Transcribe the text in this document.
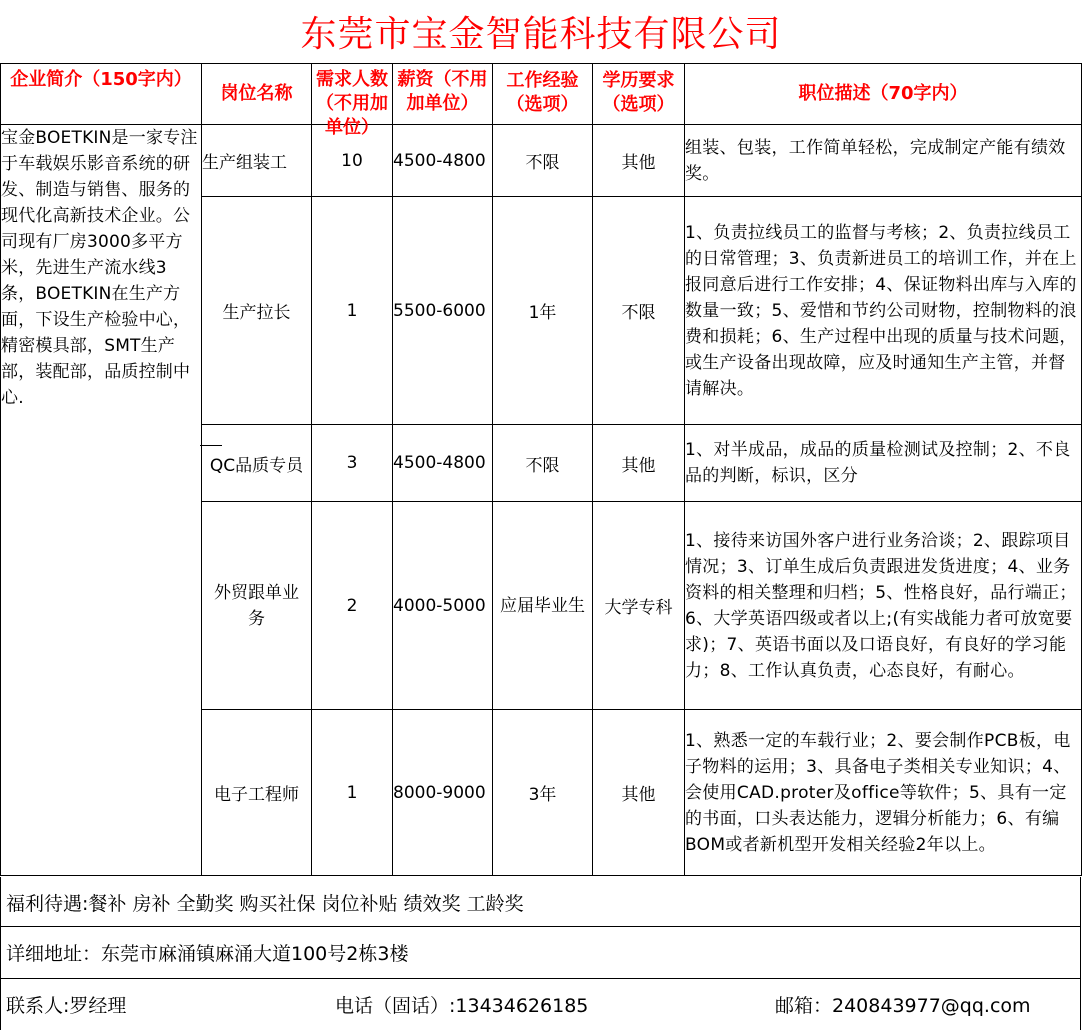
东莞市宝金智能科技有限公司
企业简介（150字内）	岗位名称	需求人数（不用加单位）	薪资（不用加单位）	工作经验（选项）	学历要求（选项）	职位描述（70字内）

宝金BOETKIN是一家专注于车载娱乐影音系统的研发、制造与销售、服务的现代化高新技术企业。公司现有厂房3000多平方米，先进生产流水线3条，BOETKIN在生产方面，下设生产检验中心，精密模具部，SMT生产部，装配部，品质控制中心.	生产组装工	10	4500-4800	不限	其他	组装、包装，工作简单轻松，完成制定产能有绩效奖。
	生产拉长	1	5500-6000	1年	不限	1、负责拉线员工的监督与考核；2、负责拉线员工的日常管理；3、负责新进员工的培训工作，并在上报同意后进行工作安排；4、保证物料出库与入库的数量一致；5、爱惜和节约公司财物，控制物料的浪费和损耗；6、生产过程中出现的质量与技术问题，或生产设备出现故障，应及时通知生产主管，并督请解决。
	QC品质专员	3	4500-4800	不限	其他	1、对半成品，成品的质量检测试及控制；2、不良品的判断，标识，区分
	外贸跟单业务	2	4000-5000	应届毕业生	大学专科	1、接待来访国外客户进行业务洽谈；2、跟踪项目情况；3、订单生成后负责跟进发货进度；4、业务资料的相关整理和归档；5、性格良好，品行端正；6、大学英语四级或者以上;(有实战能力者可放宽要求)；7、英语书面以及口语良好，有良好的学习能力；8、工作认真负责，心态良好，有耐心。
	电子工程师	1	8000-9000	3年	其他	1、熟悉一定的车载行业；2、要会制作PCB板，电子物料的运用；3、具备电子类相关专业知识；4、会使用CAD.proter及office等软件；5、具有一定的书面，口头表达能力，逻辑分析能力；6、有编BOM或者新机型开发相关经验2年以上。
福利待遇:餐补 房补 全勤奖 购买社保 岗位补贴 绩效奖 工龄奖
详细地址：东莞市麻涌镇麻涌大道100号2栋3楼
联系人:罗经理	电话（固话）:13434626185	邮箱：240843977@qq.com
